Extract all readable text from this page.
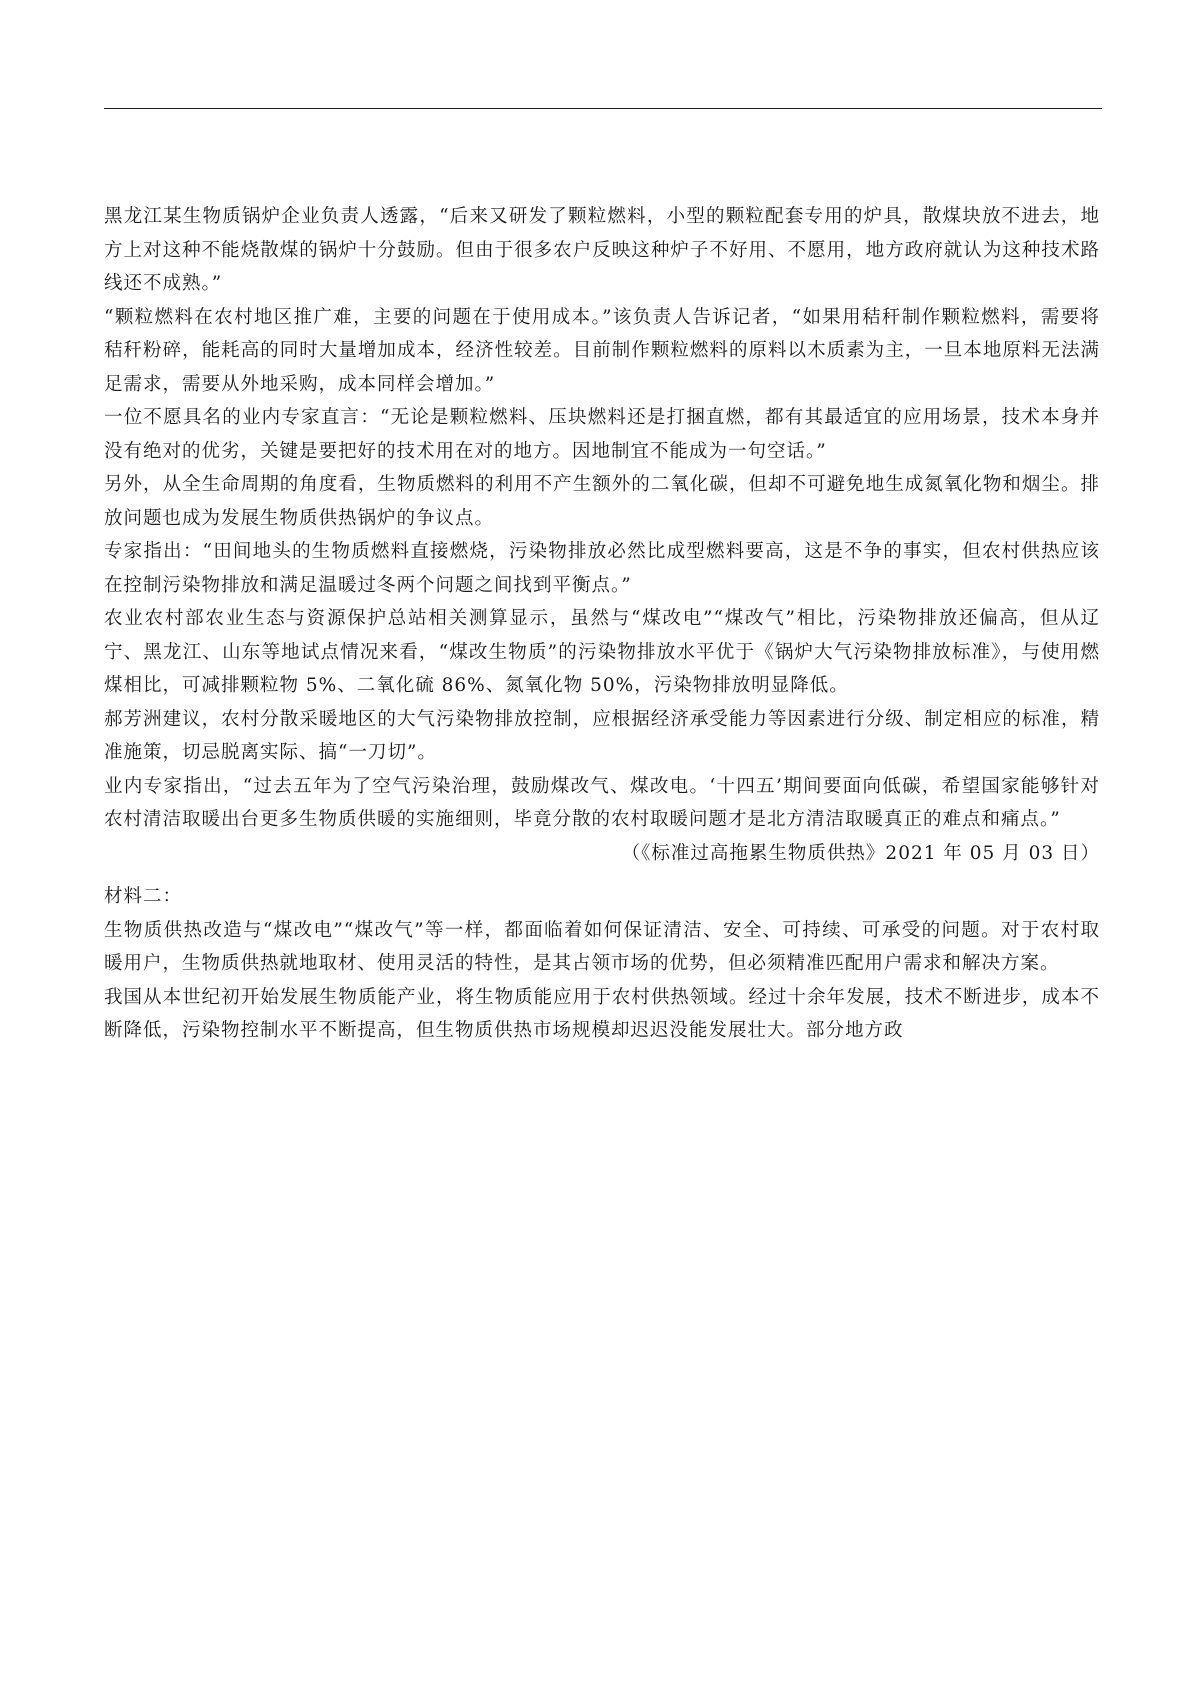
黑龙江某生物质锅炉企业负责人透露，“后来又研发了颗粒燃料，小型的颗粒配套专用的炉具，散煤块放不进去，地方上对这种不能烧散煤的锅炉十分鼓励。但由于很多农户反映这种炉子不好用、不愿用，地方政府就认为这种技术路线还不成熟。”

“颗粒燃料在农村地区推广难，主要的问题在于使用成本。”该负责人告诉记者，“如果用秸秆制作颗粒燃料，需要将秸秆粉碎，能耗高的同时大量增加成本，经济性较差。目前制作颗粒燃料的原料以木质素为主，一旦本地原料无法满足需求，需要从外地采购，成本同样会增加。”

一位不愿具名的业内专家直言：“无论是颗粒燃料、压块燃料还是打捆直燃，都有其最适宜的应用场景，技术本身并没有绝对的优劣，关键是要把好的技术用在对的地方。因地制宜不能成为一句空话。”

另外，从全生命周期的角度看，生物质燃料的利用不产生额外的二氧化碳，但却不可避免地生成氮氧化物和烟尘。排放问题也成为发展生物质供热锅炉的争议点。

专家指出：“田间地头的生物质燃料直接燃烧，污染物排放必然比成型燃料要高，这是不争的事实，但农村供热应该在控制污染物排放和满足温暖过冬两个问题之间找到平衡点。”

农业农村部农业生态与资源保护总站相关测算显示，虽然与“煤改电”“煤改气”相比，污染物排放还偏高，但从辽宁、黑龙江、山东等地试点情况来看，“煤改生物质”的污染物排放水平优于《锅炉大气污染物排放标准》，与使用燃煤相比，可减排颗粒物 5%、二氧化硫 86%、氮氧化物 50%，污染物排放明显降低。

郝芳洲建议，农村分散采暖地区的大气污染物排放控制，应根据经济承受能力等因素进行分级、制定相应的标准，精准施策，切忌脱离实际、搞“一刀切”。

业内专家指出，“过去五年为了空气污染治理，鼓励煤改气、煤改电。‘十四五’期间要面向低碳，希望国家能够针对农村清洁取暖出台更多生物质供暖的实施细则，毕竟分散的农村取暖问题才是北方清洁取暖真正的难点和痛点。”

（《标准过高拖累生物质供热》2021 年 05 月 03 日）

材料二：

生物质供热改造与“煤改电”“煤改气”等一样，都面临着如何保证清洁、安全、可持续、可承受的问题。对于农村取暖用户，生物质供热就地取材、使用灵活的特性，是其占领市场的优势，但必须精准匹配用户需求和解决方案。

我国从本世纪初开始发展生物质能产业，将生物质能应用于农村供热领域。经过十余年发展，技术不断进步，成本不断降低，污染物控制水平不断提高，但生物质供热市场规模却迟迟没能发展壮大。部分地方政
